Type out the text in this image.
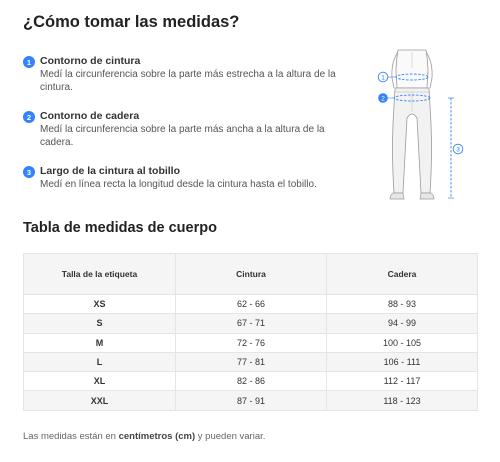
¿Cómo tomar las medidas?
1 Contorno de cintura
Medí la circunferencia sobre la parte más estrecha a la altura de la cintura.
2 Contorno de cadera
Medí la circunferencia sobre la parte más ancha a la altura de la cadera.
3 Largo de la cintura al tobillo
Medí en línea recta la longitud desde la cintura hasta el tobillo.
1
2
3
Tabla de medidas de cuerpo
Talla de la etiqueta	Cintura	Cadera
XS	62 - 66	88 - 93
S	67 - 71	94 - 99
M	72 - 76	100 - 105
L	77 - 81	106 - 111
XL	82 - 86	112 - 117
XXL	87 - 91	118 - 123
Las medidas están en centímetros (cm) y pueden variar.
